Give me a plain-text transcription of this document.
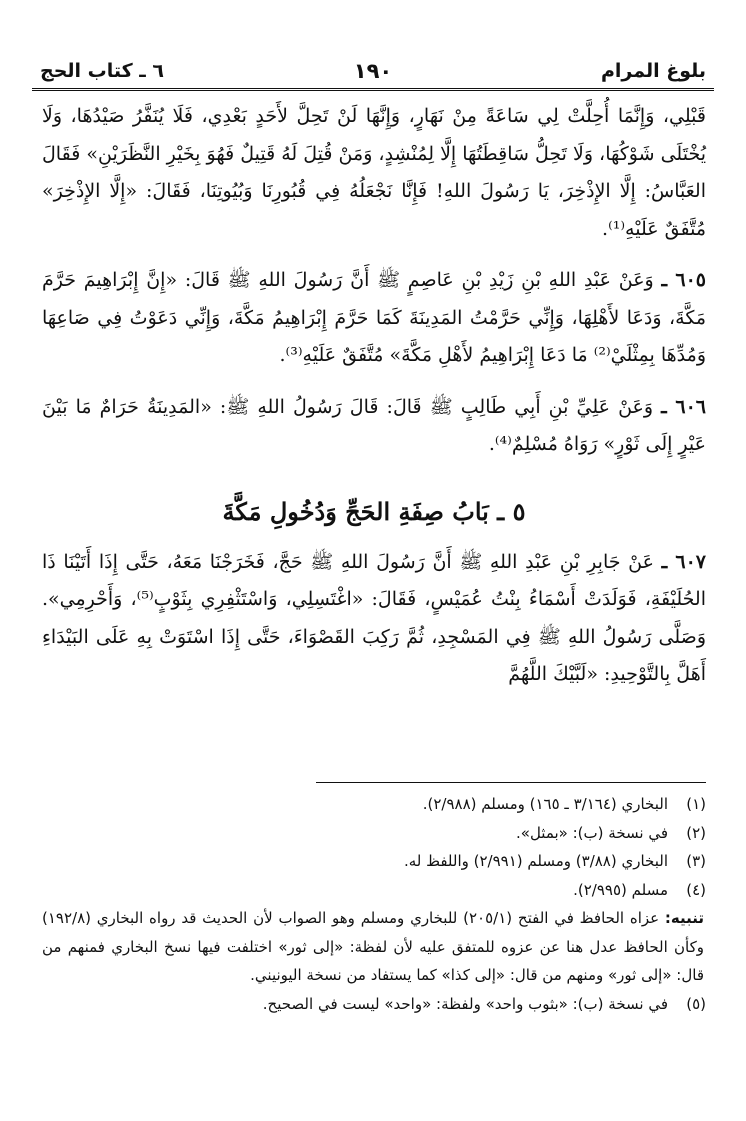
بلوغ المرام
١٩٠
٦ ـ كتاب الحج

قَبْلِي، وَإِنَّمَا أُحِلَّتْ لِي سَاعَةً مِنْ نَهَارٍ، وَإِنَّهَا لَنْ تَحِلَّ لأَحَدٍ بَعْدِي، فَلَا يُنَفَّرُ صَيْدُهَا، وَلَا يُخْتَلَى شَوْكُهَا، وَلَا تَحِلُّ سَاقِطَتُهَا إِلَّا لِمُنْشِدٍ، وَمَنْ قُتِلَ لَهُ قَتِيلٌ فَهُوَ بِخَيْرِ النَّظَرَيْنِ» فَقَالَ العَبَّاسُ: إِلَّا الإِذْخِرَ، يَا رَسُولَ اللهِ! فَإِنَّا نَجْعَلُهُ فِي قُبُورِنَا وَبُيُوتِنَا، فَقَالَ: «إِلَّا الإِذْخِرَ» مُتَّفَقٌ عَلَيْهِ⁽¹⁾.

٦٠٥ ـ وَعَنْ عَبْدِ اللهِ بْنِ زَيْدِ بْنِ عَاصِمٍ ﷺ أَنَّ رَسُولَ اللهِ ﷺ قَالَ: «إِنَّ إِبْرَاهِيمَ حَرَّمَ مَكَّةَ، وَدَعَا لأَهْلِهَا، وَإِنِّي حَرَّمْتُ المَدِينَةَ كَمَا حَرَّمَ إِبْرَاهِيمُ مَكَّةَ، وَإِنِّي دَعَوْتُ فِي صَاعِهَا وَمُدِّهَا بِمِثْلَيْ⁽²⁾ مَا دَعَا إِبْرَاهِيمُ لأَهْلِ مَكَّةَ» مُتَّفَقٌ عَلَيْهِ⁽³⁾.

٦٠٦ ـ وَعَنْ عَلِيِّ بْنِ أَبِي طَالِبٍ ﷺ قَالَ: قَالَ رَسُولُ اللهِ ﷺ: «المَدِينَةُ حَرَامٌ مَا بَيْنَ عَيْرٍ إِلَى ثَوْرٍ» رَوَاهُ مُسْلِمٌ⁽⁴⁾.

٥ ـ بَابُ صِفَةِ الحَجِّ وَدُخُولِ مَكَّةَ

٦٠٧ ـ عَنْ جَابِرِ بْنِ عَبْدِ اللهِ ﷺ أَنَّ رَسُولَ اللهِ ﷺ حَجَّ، فَخَرَجْنَا مَعَهُ، حَتَّى إِذَا أَتَيْنَا ذَا الحُلَيْفَةِ، فَوَلَدَتْ أَسْمَاءُ بِنْتُ عُمَيْسٍ، فَقَالَ: «اغْتَسِلِي، وَاسْتَثْفِرِي بِثَوْبٍ⁽⁵⁾، وَأَحْرِمِي». وَصَلَّى رَسُولُ اللهِ ﷺ فِي المَسْجِدِ، ثُمَّ رَكِبَ القَصْوَاءَ، حَتَّى إِذَا اسْتَوَتْ بِهِ عَلَى البَيْدَاءِ أَهَلَّ بِالتَّوْحِيدِ: «لَبَّيْكَ اللَّهُمَّ

(١)البخاري (٣/١٦٤ ـ ١٦٥) ومسلم (٢/٩٨٨).

(٢)في نسخة (ب): «بمثل».

(٣)البخاري (٣/٨٨) ومسلم (٢/٩٩١) واللفظ له.

(٤)مسلم (٢/٩٩٥).

تنبيه: عزاه الحافظ في الفتح (٢٠٥/١) للبخاري ومسلم وهو الصواب لأن الحديث قد رواه البخاري (١٩٢/٨) وكأن الحافظ عدل هنا عن عزوه للمتفق عليه لأن لفظة: «إلى ثور» اختلفت فيها نسخ البخاري فمنهم من قال: «إلى ثور» ومنهم من قال: «إلى كذا» كما يستفاد من نسخة اليونيني.

(٥)في نسخة (ب): «بثوب واحد» ولفظة: «واحد» ليست في الصحيح.
